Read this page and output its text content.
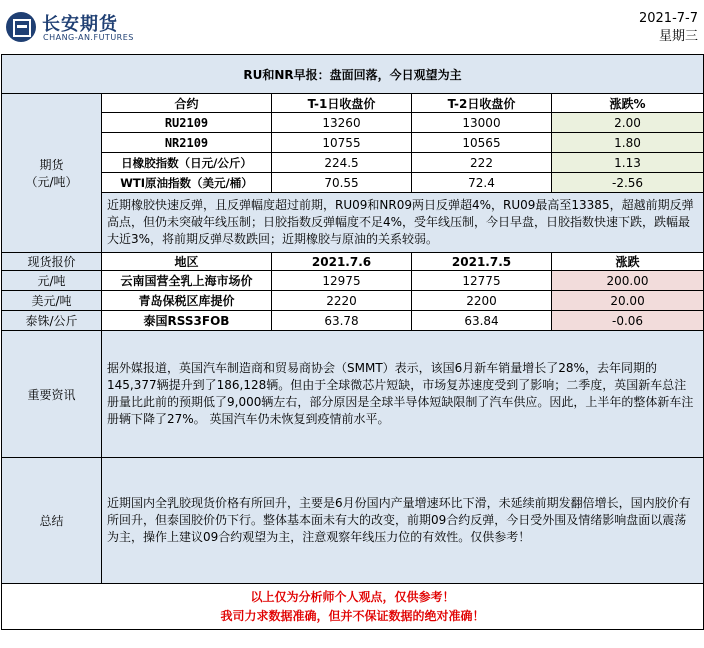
长安期货
CHANG-AN.FUTURES
2021-7-7
星期三
RU和NR早报：盘面回落，今日观望为主				

期货
（元/吨）	合约	T-1日收盘价	T-2日收盘价	涨跌%
	RU2109	13260	13000	2.00
	NR2109	10755	10565	1.80
	日橡胶指数（日元/公斤）	224.5	222	1.13
	WTI原油指数（美元/桶）	70.55	72.4	-2.56
	近期橡胶快速反弹，且反弹幅度超过前期，RU09和NR09两日反弹超4%，RU09最高至13385，超越前期反弹高点，但仍未突破年线压制；日胶指数反弹幅度不足4%，受年线压制，今日早盘，日胶指数快速下跌，跌幅最大近3%，将前期反弹尽数跌回；近期橡胶与原油的关系较弱。			
现货报价	地区	2021.7.6	2021.7.5	涨跌
元/吨	云南国营全乳上海市场价	12975	12775	200.00
美元/吨	青岛保税区库提价	2220	2200	20.00
泰铢/公斤	泰国RSS3FOB	63.78	63.84	-0.06
重要资讯	据外媒报道，英国汽车制造商和贸易商协会（SMMT）表示，该国6月新车销量增长了28%，去年同期的145,377辆提升到了186,128辆。但由于全球微芯片短缺，市场复苏速度受到了影响；二季度，英国新车总注册量比此前的预期低了9,000辆左右，部分原因是全球半导体短缺限制了汽车供应。因此，上半年的整体新车注册辆下降了27%。 英国汽车仍未恢复到疫情前水平。			
总结	近期国内全乳胶现货价格有所回升，主要是6月份国内产量增速环比下滑，未延续前期发翻倍增长，国内胶价有所回升，但泰国胶价仍下行。整体基本面未有大的改变，前期09合约反弹，今日受外围及情绪影响盘面以震荡为主，操作上建议09合约观望为主，注意观察年线压力位的有效性。仅供参考！			

以上仅为分析师个人观点，仅供参考！
我司力求数据准确，但并不保证数据的绝对准确！				
